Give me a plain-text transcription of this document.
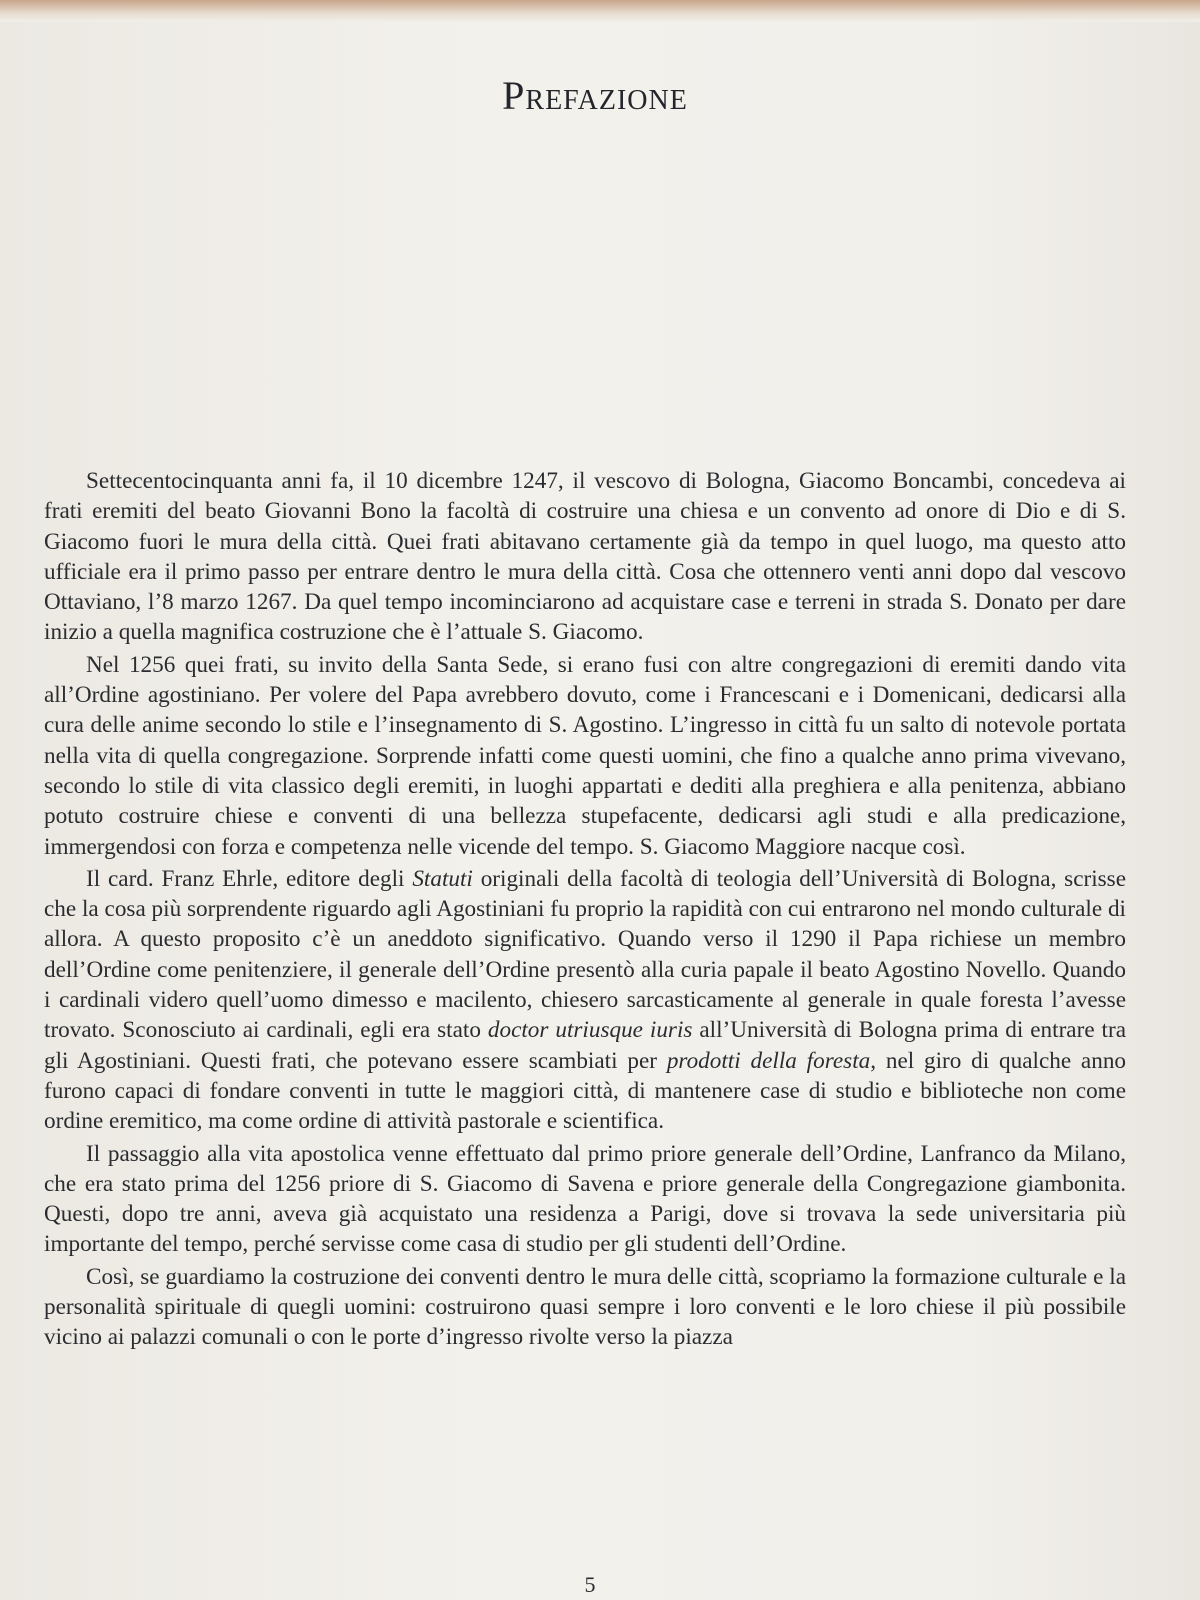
Prefazione

Settecentocinquanta anni fa, il 10 dicembre 1247, il vescovo di Bologna, Giacomo Boncambi, concedeva ai frati eremiti del beato Giovanni Bono la facoltà di costruire una chiesa e un convento ad onore di Dio e di S. Giacomo fuori le mura della città. Quei frati abitavano certamente già da tempo in quel luogo, ma questo atto ufficiale era il primo passo per entrare dentro le mura della città. Cosa che ottennero venti anni dopo dal vescovo Ottaviano, l’8 marzo 1267. Da quel tempo incominciarono ad acquistare case e terreni in strada S. Donato per dare inizio a quella magnifica costruzione che è l’attuale S. Giacomo.

Nel 1256 quei frati, su invito della Santa Sede, si erano fusi con altre congregazioni di eremiti dando vita all’Ordine agostiniano. Per volere del Papa avrebbero dovuto, come i Francescani e i Domenicani, dedicarsi alla cura delle anime secondo lo stile e l’insegnamento di S. Agostino. L’ingresso in città fu un salto di notevole portata nella vita di quella congregazione. Sorprende infatti come questi uomini, che fino a qualche anno prima vivevano, secondo lo stile di vita classico degli eremiti, in luoghi appartati e dediti alla preghiera e alla penitenza, abbiano potuto costruire chiese e conventi di una bellezza stupefacente, dedicarsi agli studi e alla predicazione, immergendosi con forza e competenza nelle vicende del tempo. S. Giacomo Maggiore nacque così.

Il card. Franz Ehrle, editore degli Statuti originali della facoltà di teologia dell’Università di Bologna, scrisse che la cosa più sorprendente riguardo agli Agostiniani fu proprio la rapidità con cui entrarono nel mondo culturale di allora. A questo proposito c’è un aneddoto significativo. Quando verso il 1290 il Papa richiese un membro dell’Ordine come penitenziere, il generale dell’Ordine presentò alla curia papale il beato Agostino Novello. Quando i cardinali videro quell’uomo dimesso e macilento, chiesero sarcasticamente al generale in quale foresta l’avesse trovato. Sconosciuto ai cardinali, egli era stato doctor utriusque iuris all’Università di Bologna prima di entrare tra gli Agostiniani. Questi frati, che potevano essere scambiati per prodotti della foresta, nel giro di qualche anno furono capaci di fondare conventi in tutte le maggiori città, di mantenere case di studio e biblioteche non come ordine eremitico, ma come ordine di attività pastorale e scientifica.

Il passaggio alla vita apostolica venne effettuato dal primo priore generale dell’Ordine, Lanfranco da Milano, che era stato prima del 1256 priore di S. Giacomo di Savena e priore generale della Congregazione giambonita. Questi, dopo tre anni, aveva già acquistato una residenza a Parigi, dove si trovava la sede universitaria più importante del tempo, perché servisse come casa di studio per gli studenti dell’Ordine.

Così, se guardiamo la costruzione dei conventi dentro le mura delle città, scopriamo la formazione culturale e la personalità spirituale di quegli uomini: costruirono quasi sempre i loro conventi e le loro chiese il più possibile vicino ai palazzi comunali o con le porte d’ingresso rivolte verso la piazza

5
